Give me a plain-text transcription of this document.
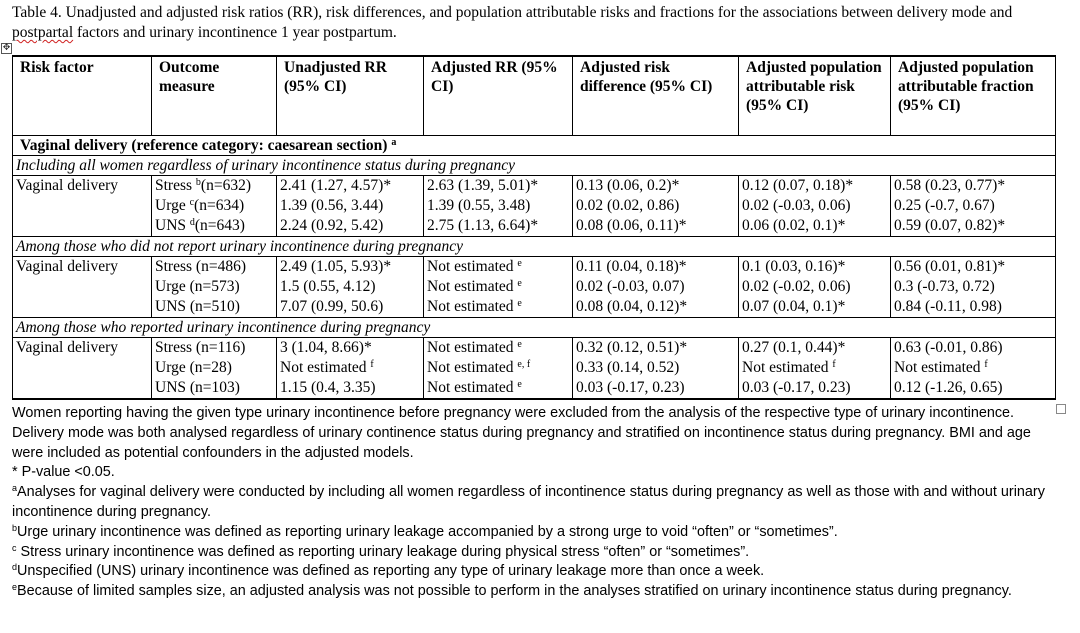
Table 4. Unadjusted and adjusted risk ratios (RR), risk differences, and population attributable risks and fractions for the associations between delivery mode and postpartal factors and urinary incontinence 1 year postpartum.
✥
Risk factor	Outcome measure	Unadjusted RR (95% CI)	Adjusted RR (95% CI)	Adjusted risk difference (95% CI)	Adjusted population attributable risk (95% CI)	Adjusted population attributable fraction (95% CI)
Vaginal delivery (reference category: caesarean section) $^a$
Including all women regardless of urinary incontinence status during pregnancy						
Vaginal delivery	Stress $^b$(n=632)	2.41 (1.27, 4.57)*	2.63 (1.39, 5.01)*	0.13 (0.06, 0.2)*	0.12 (0.07, 0.18)*	0.58 (0.23, 0.77)*
	Urge $^c$(n=634)	1.39 (0.56, 3.44)	1.39 (0.55, 3.48)	0.02 (0.02, 0.86)	0.02 (-0.03, 0.06)	0.25 (-0.7, 0.67)
	UNS $^d$(n=643)	2.24 (0.92, 5.42)	2.75 (1.13, 6.64)*	0.08 (0.06, 0.11)*	0.06 (0.02, 0.1)*	0.59 (0.07, 0.82)*
Among those who did not report urinary incontinence during pregnancy						
Vaginal delivery	Stress (n=486)	2.49 (1.05, 5.93)*	Not estimated $^e$	0.11 (0.04, 0.18)*	0.1 (0.03, 0.16)*	0.56 (0.01, 0.81)*
	Urge (n=573)	1.5 (0.55, 4.12)	Not estimated $^e$	0.02 (-0.03, 0.07)	0.02 (-0.02, 0.06)	0.3 (-0.73, 0.72)
	UNS (n=510)	7.07 (0.99, 50.6)	Not estimated $^e$	0.08 (0.04, 0.12)*	0.07 (0.04, 0.1)*	0.84 (-0.11, 0.98)
Among those who reported urinary incontinence during pregnancy						
Vaginal delivery	Stress (n=116)	3 (1.04, 8.66)*	Not estimated $^e$	0.32 (0.12, 0.51)*	0.27 (0.1, 0.44)*	0.63 (-0.01, 0.86)
	Urge (n=28)	Not estimated $^f$	Not estimated $^{e, f}$	0.33 (0.14, 0.52)	Not estimated $^f$	Not estimated $^f$
	UNS (n=103)	1.15 (0.4, 3.35)	Not estimated $^e$	0.03 (-0.17, 0.23)	0.03 (-0.17, 0.23)	0.12 (-1.26, 0.65)

Women reporting having the given type urinary incontinence before pregnancy were excluded from the analysis of the respective type of urinary incontinence. Delivery mode was both analysed regardless of urinary continence status during pregnancy and stratified on incontinence status during pregnancy. BMI and age were included as potential confounders in the adjusted models.

* P-value <0.05.

$^a$Analyses for vaginal delivery were conducted by including all women regardless of incontinence status during pregnancy as well as those with and without urinary incontinence during pregnancy.

$^b$Urge urinary incontinence was defined as reporting urinary leakage accompanied by a strong urge to void “often” or “sometimes”.

$^c$ Stress urinary incontinence was defined as reporting urinary leakage during physical stress “often” or “sometimes”.

$^d$Unspecified (UNS) urinary incontinence was defined as reporting any type of urinary leakage more than once a week.

$^e$Because of limited samples size, an adjusted analysis was not possible to perform in the analyses stratified on urinary incontinence status during pregnancy.
